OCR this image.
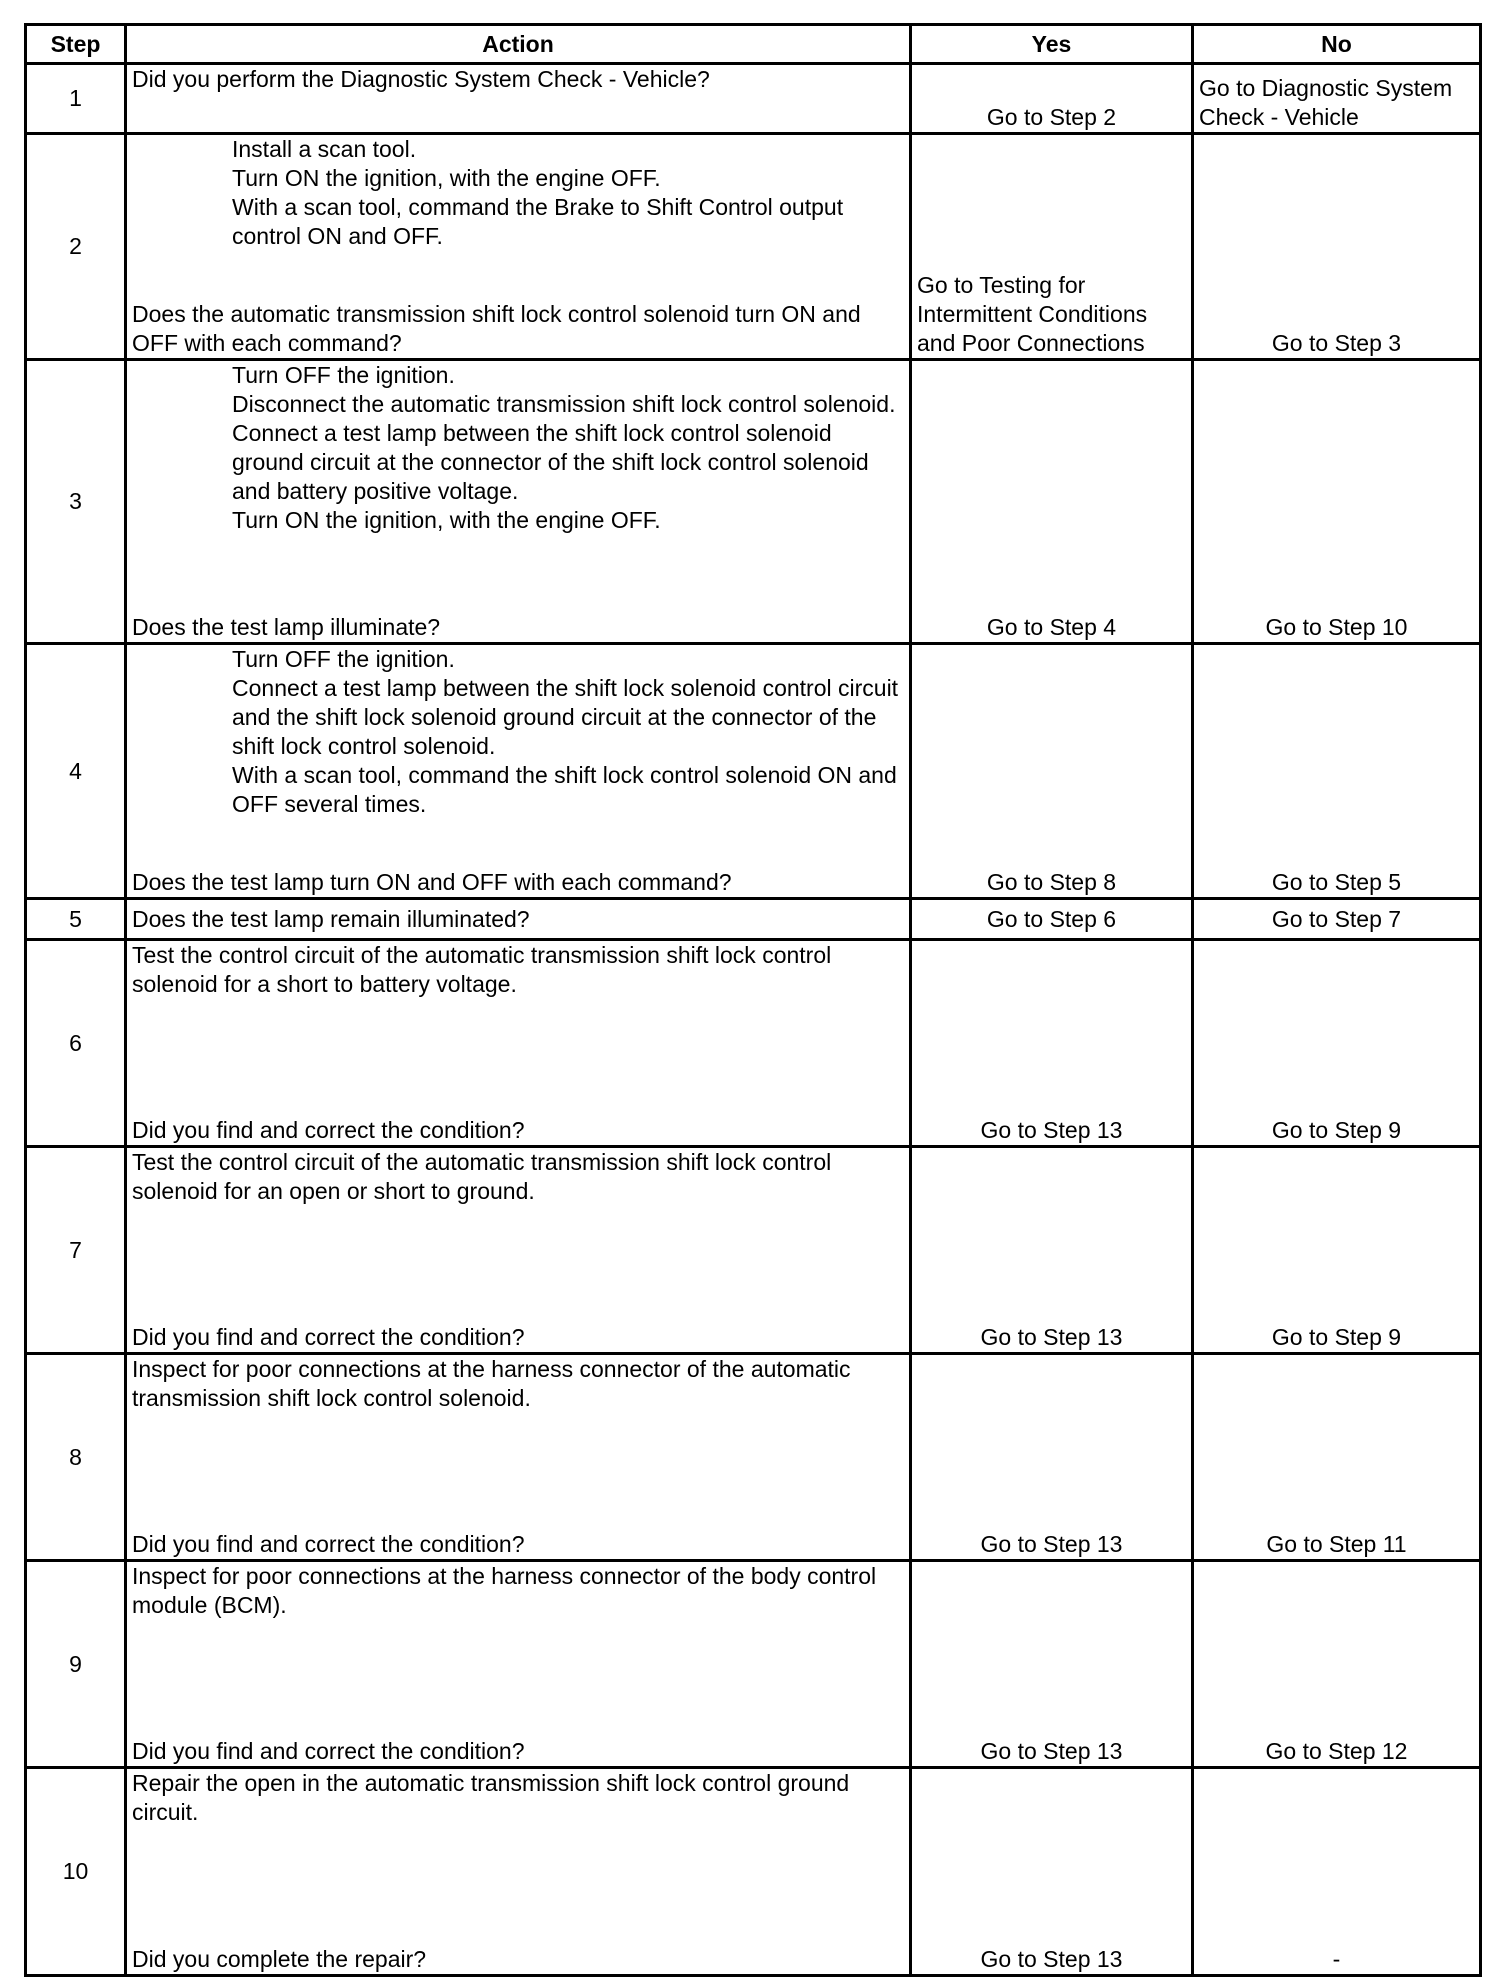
Step	Action	Yes	No
1	Did you perform the Diagnostic System Check - Vehicle?	Go to Step 2	Go to Diagnostic System Check - Vehicle
2	Install a scan tool.
Turn ON the ignition, with the engine OFF.
With a scan tool, command the Brake to Shift Control output control ON and OFF.

Does the automatic transmission shift lock control solenoid turn ON and OFF with each command?	Go to Testing for Intermittent Conditions and Poor Connections	Go to Step 3
3	Turn OFF the ignition.
Disconnect the automatic transmission shift lock control solenoid.
Connect a test lamp between the shift lock control solenoid ground circuit at the connector of the shift lock control solenoid and battery positive voltage.
Turn ON the ignition, with the engine OFF.

Does the test lamp illuminate?	Go to Step 4	Go to Step 10
4	Turn OFF the ignition.
Connect a test lamp between the shift lock solenoid control circuit and the shift lock solenoid ground circuit at the connector of the shift lock control solenoid.
With a scan tool, command the shift lock control solenoid ON and OFF several times.

Does the test lamp turn ON and OFF with each command?	Go to Step 8	Go to Step 5
5	Does the test lamp remain illuminated?	Go to Step 6	Go to Step 7
6	Test the control circuit of the automatic transmission shift lock control solenoid for a short to battery voltage.

Did you find and correct the condition?	Go to Step 13	Go to Step 9
7	Test the control circuit of the automatic transmission shift lock control solenoid for an open or short to ground.

Did you find and correct the condition?	Go to Step 13	Go to Step 9
8	Inspect for poor connections at the harness connector of the automatic transmission shift lock control solenoid.

Did you find and correct the condition?	Go to Step 13	Go to Step 11
9	Inspect for poor connections at the harness connector of the body control module (BCM).

Did you find and correct the condition?	Go to Step 13	Go to Step 12
10	Repair the open in the automatic transmission shift lock control ground circuit.

Did you complete the repair?	Go to Step 13	-
